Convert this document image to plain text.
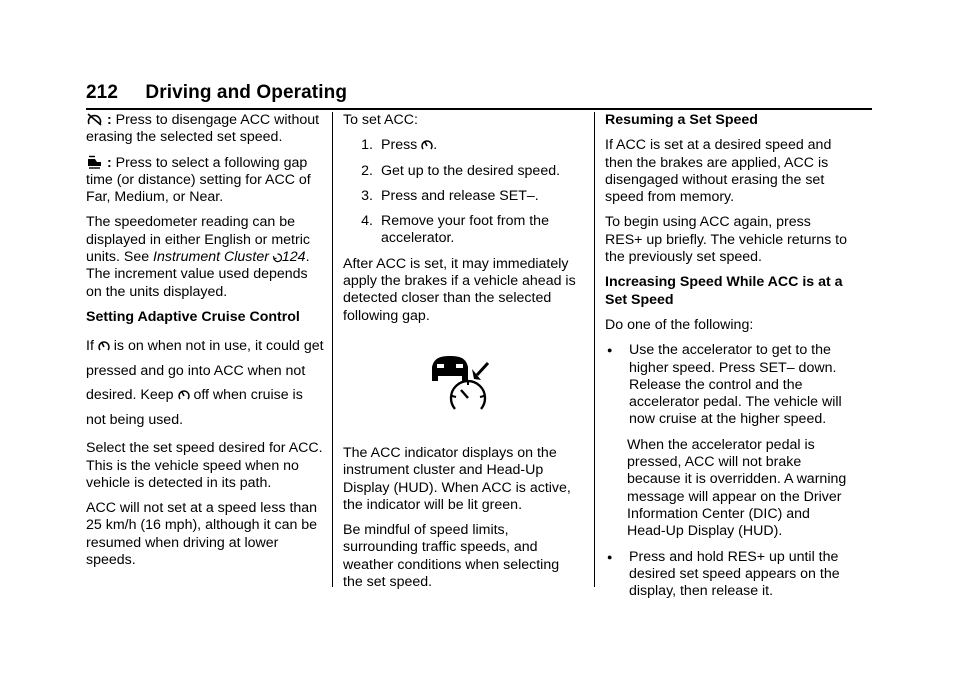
212 Driving and Operating

: Press to disengage ACC without erasing the selected set speed.

: Press to select a following gap time (or distance) setting for ACC of Far, Medium, or Near.

The speedometer reading can be displayed in either English or metric units. See Instrument Cluster 124. The increment value used depends on the units displayed.

Setting Adaptive Cruise Control

If  is on when not in use, it could get pressed and go into ACC when not desired. Keep  off when cruise is not being used.

Select the set speed desired for ACC. This is the vehicle speed when no vehicle is detected in its path.

ACC will not set at a speed less than 25 km/h (16 mph), although it can be resumed when driving at lower speeds.

To set ACC:

1. Press .
2. Get up to the desired speed.
3. Press and release SET–.
4. Remove your foot from the accelerator.

After ACC is set, it may immediately apply the brakes if a vehicle ahead is detected closer than the selected following gap.

The ACC indicator displays on the instrument cluster and Head-Up Display (HUD). When ACC is active, the indicator will be lit green.

Be mindful of speed limits, surrounding traffic speeds, and weather conditions when selecting the set speed.

Resuming a Set Speed

If ACC is set at a desired speed and then the brakes are applied, ACC is disengaged without erasing the set speed from memory.

To begin using ACC again, press RES+ up briefly. The vehicle returns to the previously set speed.

Increasing Speed While ACC is at a Set Speed

Do one of the following:

●	Use the accelerator to get to the higher speed. Press SET– down. Release the control and the accelerator pedal. The vehicle will now cruise at the higher speed.

When the accelerator pedal is pressed, ACC will not brake because it is overridden. A warning message will appear on the Driver Information Center (DIC) and Head-Up Display (HUD).

●	Press and hold RES+ up until the desired set speed appears on the display, then release it.
